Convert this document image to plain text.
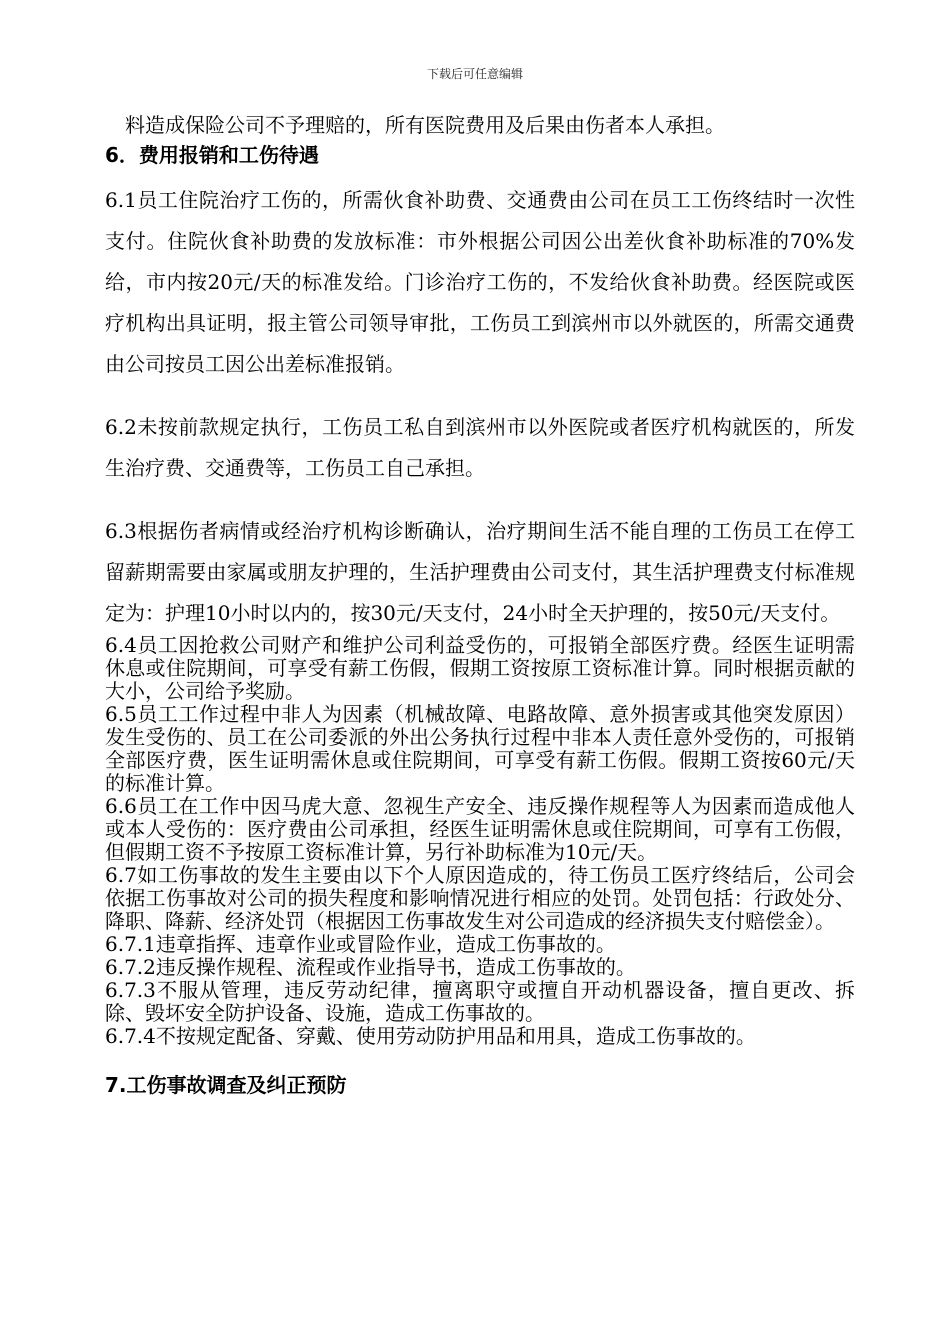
下载后可任意编辑

料造成保险公司不予理赔的，所有医院费用及后果由伤者本人承担。

6．费用报销和工伤待遇

6.1员工住院治疗工伤的，所需伙食补助费、交通费由公司在员工工伤终结时一次性支付。住院伙食补助费的发放标准：市外根据公司因公出差伙食补助标准的70%发给，市内按20元/天的标准发给。门诊治疗工伤的，不发给伙食补助费。经医院或医疗机构出具证明，报主管公司领导审批，工伤员工到滨州市以外就医的，所需交通费由公司按员工因公出差标准报销。

6.2未按前款规定执行，工伤员工私自到滨州市以外医院或者医疗机构就医的，所发生治疗费、交通费等，工伤员工自己承担。

6.3根据伤者病情或经治疗机构诊断确认，治疗期间生活不能自理的工伤员工在停工留薪期需要由家属或朋友护理的，生活护理费由公司支付，其生活护理费支付标准规定为：护理10小时以内的，按30元/天支付，24小时全天护理的，按50元/天支付。

6.4员工因抢救公司财产和维护公司利益受伤的，可报销全部医疗费。经医生证明需休息或住院期间，可享受有薪工伤假，假期工资按原工资标准计算。同时根据贡献的大小，公司给予奖励。

6.5员工工作过程中非人为因素（机械故障、电路故障、意外损害或其他突发原因）发生受伤的、员工在公司委派的外出公务执行过程中非本人责任意外受伤的，可报销全部医疗费，医生证明需休息或住院期间，可享受有薪工伤假。假期工资按60元/天的标准计算。

6.6员工在工作中因马虎大意、忽视生产安全、违反操作规程等人为因素而造成他人或本人受伤的：医疗费由公司承担，经医生证明需休息或住院期间，可享有工伤假，但假期工资不予按原工资标准计算，另行补助标准为10元/天。

6.7如工伤事故的发生主要由以下个人原因造成的，待工伤员工医疗终结后，公司会依据工伤事故对公司的损失程度和影响情况进行相应的处罚。处罚包括：行政处分、降职、降薪、经济处罚（根据因工伤事故发生对公司造成的经济损失支付赔偿金）。

6.7.1违章指挥、违章作业或冒险作业，造成工伤事故的。

6.7.2违反操作规程、流程或作业指导书，造成工伤事故的。

6.7.3不服从管理，违反劳动纪律，擅离职守或擅自开动机器设备，擅自更改、拆除、毁坏安全防护设备、设施，造成工伤事故的。

6.7.4不按规定配备、穿戴、使用劳动防护用品和用具，造成工伤事故的。

7.工伤事故调查及纠正预防
